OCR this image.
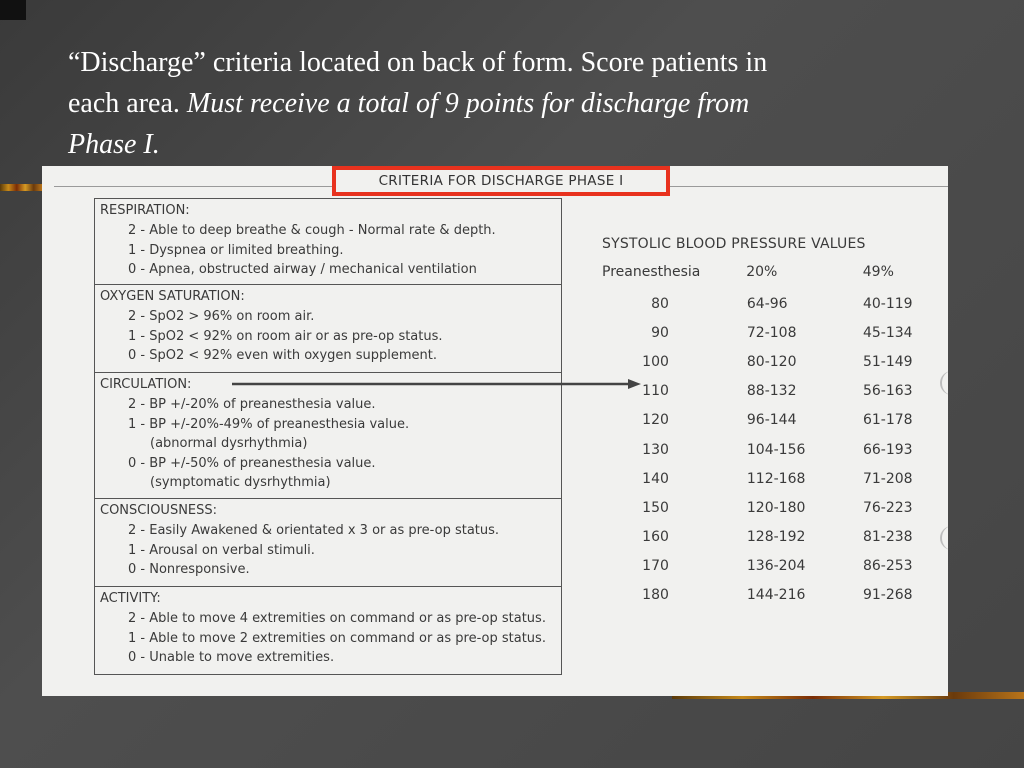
“Discharge” criteria located on back of form. Score patients in
each area. Must receive a total of 9 points for discharge from
Phase I.
CRITERIA FOR DISCHARGE PHASE I
RESPIRATION:
2 - Able to deep breathe & cough - Normal rate & depth.
1 - Dyspnea or limited breathing.
0 - Apnea, obstructed airway / mechanical ventilation
OXYGEN SATURATION:
2 - SpO2 > 96% on room air.
1 - SpO2 < 92% on room air or as pre-op status.
0 - SpO2 < 92% even with oxygen supplement.
CIRCULATION:
2 - BP +/-20% of preanesthesia value.
1 - BP +/-20%-49% of preanesthesia value.
(abnormal dysrhythmia)
0 - BP +/-50% of preanesthesia value.
(symptomatic dysrhythmia)
CONSCIOUSNESS:
2 - Easily Awakened & orientated x 3 or as pre-op status.
1 - Arousal on verbal stimuli.
0 - Nonresponsive.
ACTIVITY:
2 - Able to move 4 extremities on command or as pre-op status.
1 - Able to move 2 extremities on command or as pre-op status.
0 - Unable to move extremities.
SYSTOLIC BLOOD PRESSURE VALUES
Preanesthesia	20%	49%
80	64-96	40-119
90	72-108	45-134
100	80-120	51-149
110	88-132	56-163
120	96-144	61-178
130	104-156	66-193
140	112-168	71-208
150	120-180	76-223
160	128-192	81-238
170	136-204	86-253
180	144-216	91-268
